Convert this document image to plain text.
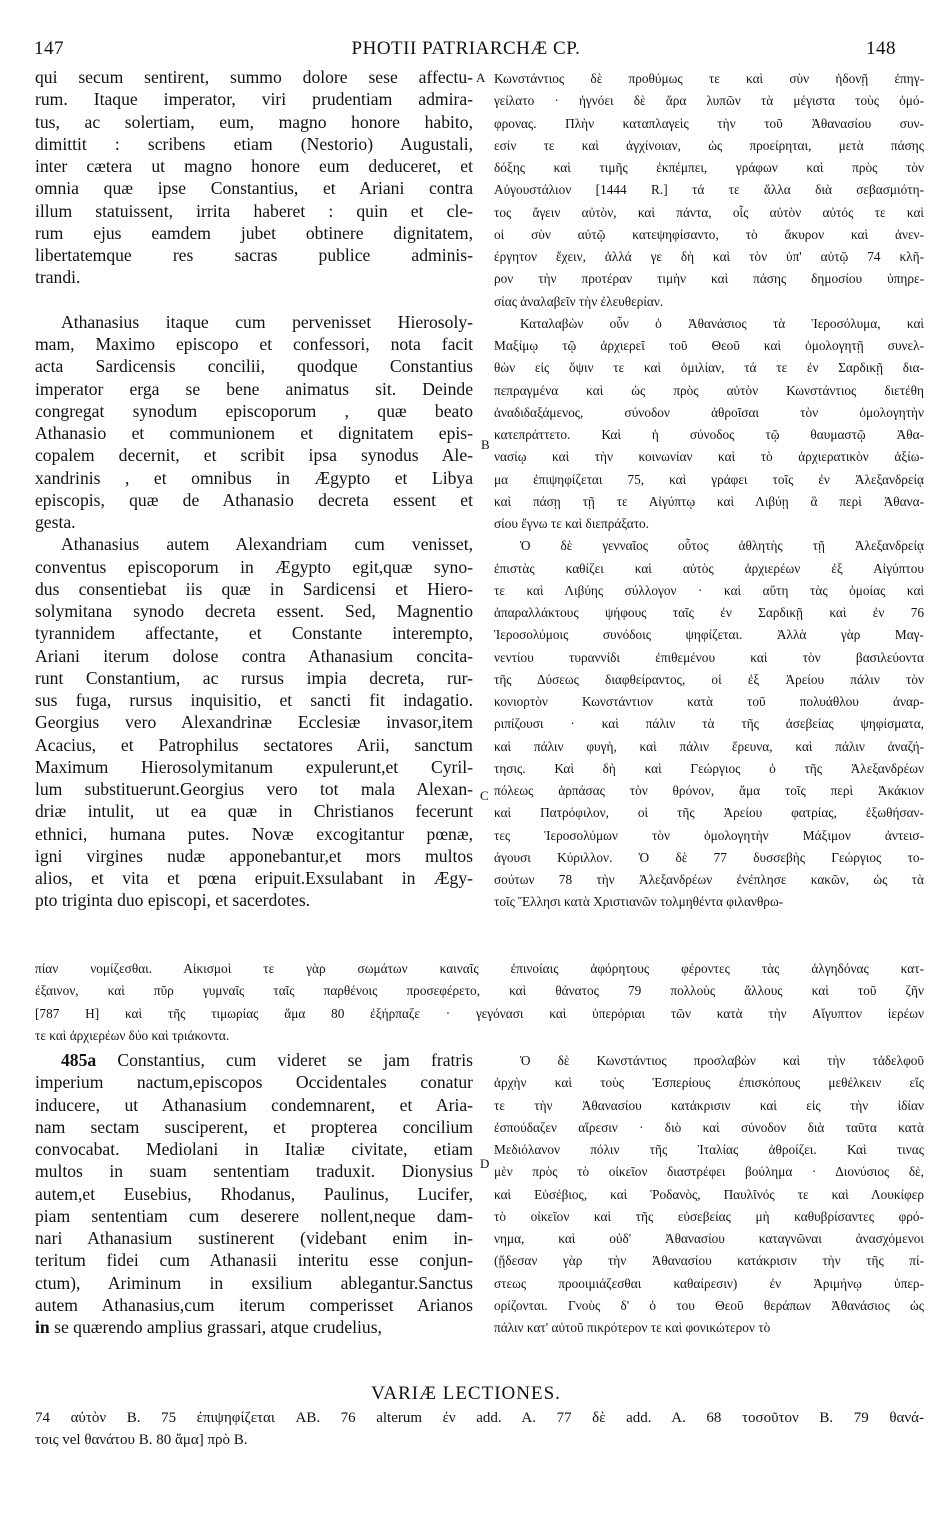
147	PHOTII PATRIARCHÆ CP.	148
qui secum sentirent, summo dolore sese affectu-
rum. Itaque imperator, viri prudentiam admira-
tus, ac solertiam, eum, magno honore habito,
dimittit : scribens etiam (Nestorio) Augustali,
inter cætera ut magno honore eum deduceret, et
omnia quæ ipse Constantius, et Ariani contra
illum statuissent, irrita haberet : quin et cle-
rum ejus eamdem jubet obtinere dignitatem,
libertatemque res sacras publice adminis-
trandi.
Athanasius itaque cum pervenisset Hierosoly-
mam, Maximo episcopo et confessori, nota facit
acta Sardicensis concilii, quodque Constantius
imperator erga se bene animatus sit. Deinde
congregat synodum episcoporum , quæ beato
Athanasio et communionem et dignitatem epis-
copalem decernit, et scribit ipsa synodus Ale-
xandrinis , et omnibus in Ægypto et Libya
episcopis, quæ de Athanasio decreta essent et
gesta.
Athanasius autem Alexandriam cum venisset,
conventus episcoporum in Ægypto egit,quæ syno-
dus consentiebat iis quæ in Sardicensi et Hiero-
solymitana synodo decreta essent. Sed, Magnentio
tyrannidem affectante, et Constante interempto,
Ariani iterum dolose contra Athanasium concita-
runt Constantium, ac rursus impia decreta, rur-
sus fuga, rursus inquisitio, et sancti fit indagatio.
Georgius vero Alexandrinæ Ecclesiæ invasor,item
Acacius, et Patrophilus sectatores Arii, sanctum
Maximum Hierosolymitanum expulerunt,et Cyril-
lum substituerunt.Georgius vero tot mala Alexan-
driæ intulit, ut ea quæ in Christianos fecerunt
ethnici, humana putes. Novæ excogitantur pœnæ,
igni virgines nudæ apponebantur,et mors multos
alios, et vita et pœna eripuit.Exsulabant in Ægy-
pto triginta duo episcopi, et sacerdotes.
Κωνστάντιος δὲ προθύμως τε καὶ σὺν ἡδονῇ ἐπηγ-
γείλατο · ἠγνόει δὲ ἄρα λυπῶν τὰ μέγιστα τοὺς ὁμό-
φρονας. Πλὴν καταπλαγεὶς τὴν τοῦ Ἀθανασίου συν-
εσίν τε καὶ ἀγχίνοιαν, ὡς προείρηται, μετὰ πάσης
δόξης καὶ τιμῆς ἐκπέμπει, γράφων καὶ πρὸς τὸν
Αὐγουστάλιον [1444 R.] τά τε ἄλλα διὰ σεβασμιότη-
τος ἄγειν αὐτὸν, καὶ πάντα, οἷς αὐτὸν αὐτός τε καὶ
οἱ σὺν αὐτῷ κατεψηφίσαντο, τὸ ἄκυρον καὶ ἀνεν-
έργητον ἔχειν, ἀλλά γε δὴ καὶ τὸν ὑπ' αὐτῷ 74 κλῆ-
ρον τὴν προτέραν τιμὴν καὶ πάσης δημοσίου ὑπηρε-
σίας ἀναλαβεῖν τὴν ἐλευθερίαν.
Καταλαβὼν οὖν ὁ Ἀθανάσιος τὰ Ἱεροσόλυμα, καὶ
Μαξίμῳ τῷ ἀρχιερεῖ τοῦ Θεοῦ καὶ ὁμολογητῇ συνελ-
θὼν εἰς ὄψιν τε καὶ ὁμιλίαν, τά τε ἐν Σαρδικῇ δια-
πεπραγμένα καὶ ὡς πρὸς αὐτὸν Κωνστάντιος διετέθη
ἀναδιδαξάμενος, σύνοδον ἀθροῖσαι τὸν ὁμολογητὴν
κατεπράττετο. Καὶ ἡ σύνοδος τῷ θαυμαστῷ Ἀθα-
νασίῳ καὶ τὴν κοινωνίαν καὶ τὸ ἀρχιερατικὸν ἀξίω-
μα ἐπιψηφίζεται 75, καὶ γράφει τοῖς ἐν Ἀλεξανδρείᾳ
καὶ πάσῃ τῇ τε Αἰγύπτῳ καὶ Λιβύῃ ἃ περὶ Ἀθανα-
σίου ἔγνω τε καὶ διεπράξατο.
Ὁ δὲ γενναῖος οὗτος ἀθλητὴς τῇ Ἀλεξανδρείᾳ
ἐπιστὰς καθίζει καὶ αὐτὸς ἀρχιερέων ἐξ Αἰγύπτου
τε καὶ Λιβύης σύλλογον · καὶ αὕτη τὰς ὁμοίας καὶ
ἀπαραλλάκτους ψήφους ταῖς ἐν Σαρδικῇ καὶ ἐν 76
Ἱεροσολύμοις συνόδοις ψηφίζεται. Ἀλλὰ γὰρ Μαγ-
νεντίου τυραννίδι ἐπιθεμένου καὶ τὸν βασιλεύοντα
τῆς Δύσεως διαφθείραντος, οἱ ἐξ Ἀρείου πάλιν τὸν
κονιορτὸν Κωνστάντιον κατὰ τοῦ πολυάθλου ἀναρ-
ριπίζουσι · καὶ πάλιν τὰ τῆς ἀσεβείας ψηφίσματα,
καὶ πάλιν φυγὴ, καὶ πάλιν ἔρευνα, καὶ πάλιν ἀναζή-
τησις. Καὶ δὴ καὶ Γεώργιος ὁ τῆς Ἀλεξανδρέων
πόλεως ἁρπάσας τὸν θρόνον, ἅμα τοῖς περὶ Ἀκάκιον
καὶ Πατρόφιλον, οἱ τῆς Ἀρείου φατρίας, ἐξωθήσαν-
τες Ἱεροσολύμων τὸν ὁμολογητὴν Μάξιμον ἀντεισ-
άγουσι Κύριλλον. Ὁ δὲ 77 δυσσεβὴς Γεώργιος το-
σούτων 78 τὴν Ἀλεξανδρέων ἐνέπλησε κακῶν, ὡς τὰ
τοῖς Ἕλλησι κατὰ Χριστιανῶν τολμηθέντα φιλανθρω-
A
B
C
D
πίαν νομίζεσθαι. Αἰκισμοὶ τε γὰρ σωμάτων καιναῖς ἐπινοίαις ἀφόρητους φέροντες τὰς ἀλγηδόνας κατ-
έξαινον, καὶ πῦρ γυμναῖς ταῖς παρθένοις προσεφέρετο, καὶ θάνατος 79 πολλοὺς ἄλλους καὶ τοῦ ζῆν
[787 H] καὶ τῆς τιμωρίας ἅμα 80 ἐξήρπαζε · γεγόνασι καὶ ὑπερόριαι τῶν κατὰ τὴν Αἴγυπτον ἱερέων
τε καὶ ἀρχιερέων δύο καὶ τριάκοντα.
485a Constantius, cum videret se jam fratris
imperium nactum,episcopos Occidentales conatur
inducere, ut Athanasium condemnarent, et Aria-
nam sectam susciperent, et propterea concilium
convocabat. Mediolani in Italiæ civitate, etiam
multos in suam sententiam traduxit. Dionysius
autem,et Eusebius, Rhodanus, Paulinus, Lucifer,
piam sententiam cum deserere nollent,neque dam-
nari Athanasium sustinerent (videbant enim in-
teritum fidei cum Athanasii interitu esse conjun-
ctum), Ariminum in exsilium ablegantur.Sanctus
autem Athanasius,cum iterum comperisset Arianos
in se quærendo amplius grassari, atque crudelius,
Ὁ δὲ Κωνστάντιος προσλαβὼν καὶ τὴν τἀδελφοῦ
ἀρχὴν καὶ τοὺς Ἑσπερίους ἐπισκόπους μεθέλκειν εἴς
τε τὴν Ἀθανασίου κατάκρισιν καὶ εἰς τὴν ἰδίαν
ἐσπούδαζεν αἵρεσιν · διὸ καὶ σύνοδον διὰ ταῦτα κατὰ
Μεδιόλανον πόλιν τῆς Ἰταλίας ἀθροίζει. Καὶ τινας
μὲν πρὸς τὸ οἰκεῖον διαστρέφει βούλημα · Διονύσιος δὲ,
καὶ Εὐσέβιος, καὶ Ῥοδανὸς, Παυλῖνός τε καὶ Λουκίφερ
τὸ οἰκεῖον καὶ τῆς εὐσεβείας μὴ καθυβρίσαντες φρό-
νημα, καὶ οὐδ' Ἀθανασίου καταγνῶναι ἀνασχόμενοι
(ᾔδεσαν γὰρ τὴν Ἀθανασίου κατάκρισιν τὴν τῆς πί-
στεως προοιμιάζεσθαι καθαίρεσιν) ἐν Ἀριμήνῳ ὑπερ-
ορίζονται. Γνοὺς δ' ὁ του Θεοῦ θεράπων Ἀθανάσιος ὡς
πάλιν κατ' αὐτοῦ πικρότερον τε καὶ φονικώτερον τὸ
VARIÆ LECTIONES.
74 αὐτὸν B. 75 ἐπιψηφίζεται AB. 76 alterum ἐν add. A. 77 δὲ add. A. 68 τοσοῦτον B. 79 θανά-
τοις vel θανάτου B. 80 ἅμα] πρὸ B.
